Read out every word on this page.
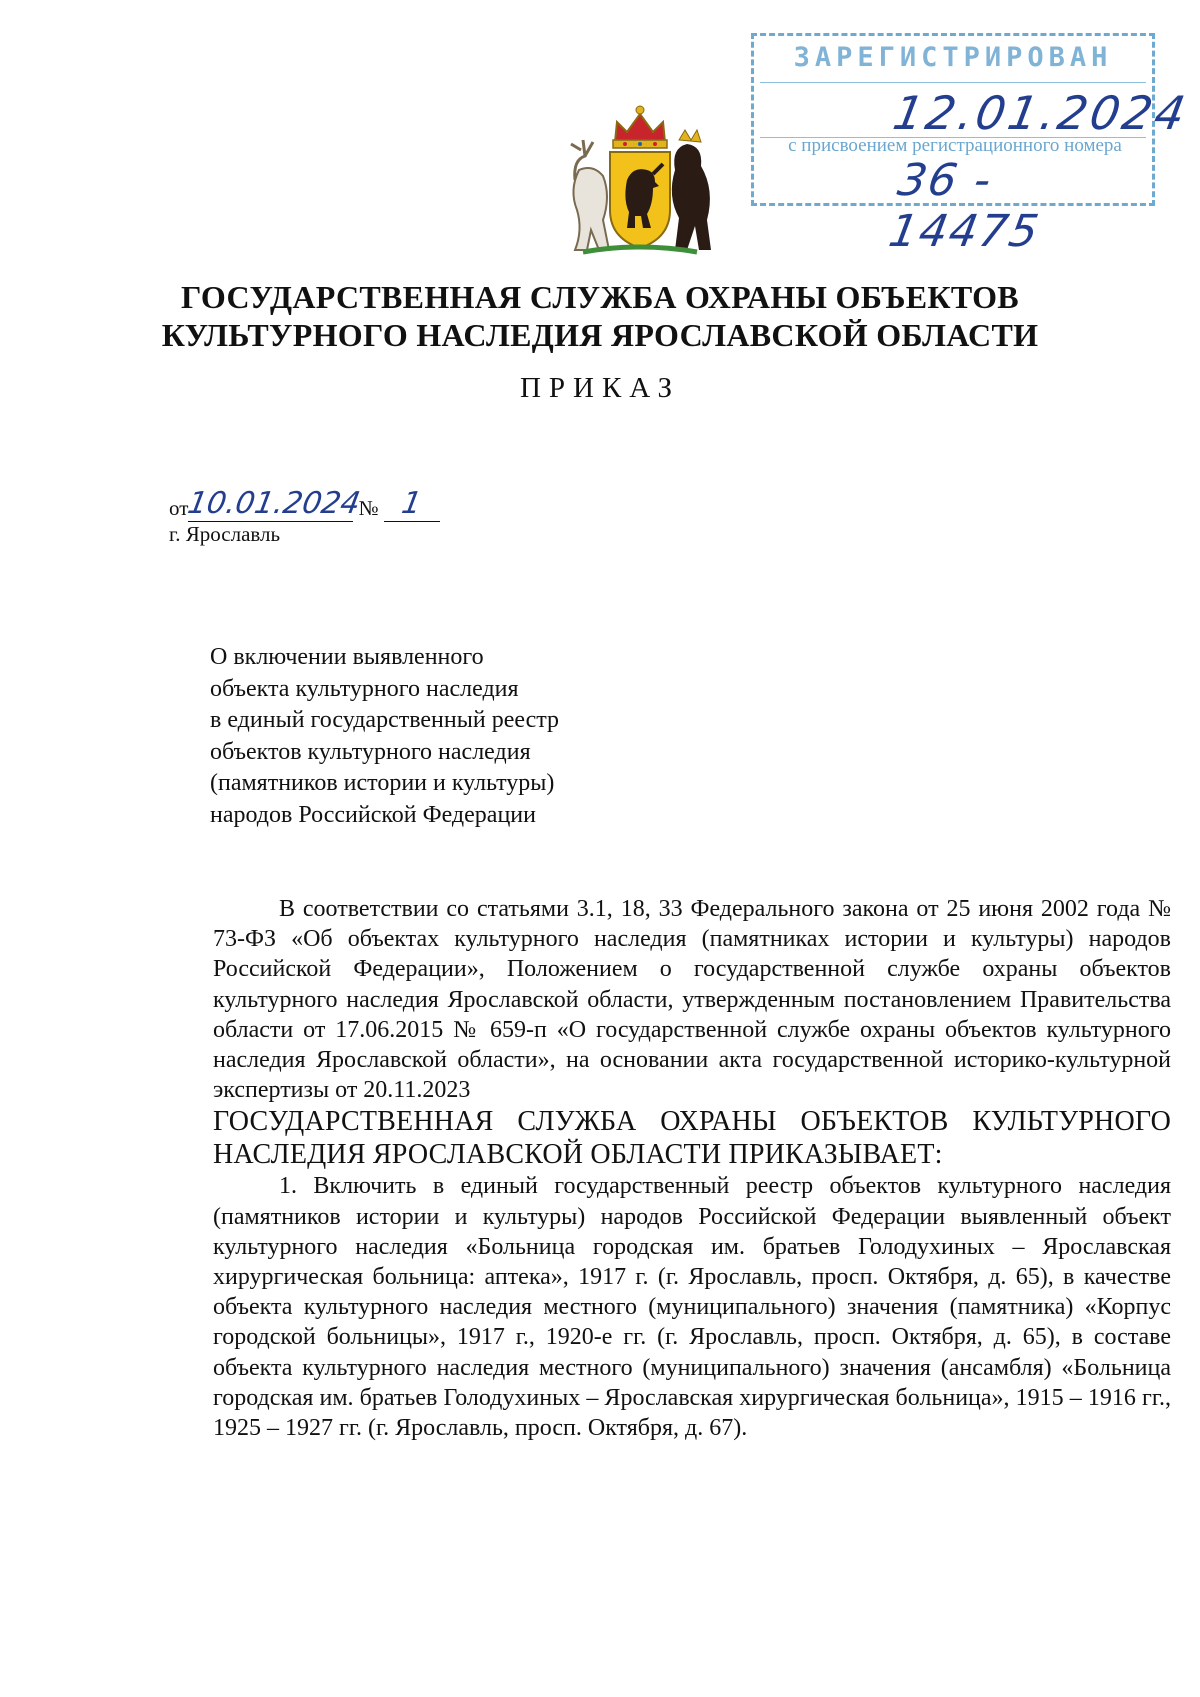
ЗАРЕГИСТРИРОВАН
12.01.2024
с присвоением регистрационного номера
36 - 14475
ГОСУДАРСТВЕННАЯ СЛУЖБА ОХРАНЫ ОБЪЕКТОВ
КУЛЬТУРНОГО НАСЛЕДИЯ ЯРОСЛАВСКОЙ ОБЛАСТИ
ПРИКАЗ
от10.01.2024 № 1
г. Ярославль
О включении выявленного
объекта культурного наследия
в единый государственный реестр
объектов культурного наследия
(памятников истории и культуры)
народов Российской Федерации

В соответствии со статьями 3.1, 18, 33 Федерального закона от 25 июня 2002 года № 73-ФЗ «Об объектах культурного наследия (памятниках истории и культуры) народов Российской Федерации», Положением о государственной службе охраны объектов культурного наследия Ярославской области, утвержденным постановлением Правительства области от 17.06.2015 № 659-п «О государственной службе охраны объектов культурного наследия Ярославской области», на основании акта государственной историко-культурной экспертизы от 20.11.2023

ГОСУДАРСТВЕННАЯ СЛУЖБА ОХРАНЫ ОБЪЕКТОВ КУЛЬТУРНОГО НАСЛЕДИЯ ЯРОСЛАВСКОЙ ОБЛАСТИ ПРИКАЗЫВАЕТ:

1. Включить в единый государственный реестр объектов культурного наследия (памятников истории и культуры) народов Российской Федерации выявленный объект культурного наследия «Больница городская им. братьев Голодухиных – Ярославская хирургическая больница: аптека», 1917 г. (г. Ярославль, просп. Октября, д. 65), в качестве объекта культурного наследия местного (муниципального) значения (памятника) «Корпус городской больницы», 1917 г., 1920-е гг. (г. Ярославль, просп. Октября, д. 65), в составе объекта культурного наследия местного (муниципального) значения (ансамбля) «Больница городская им. братьев Голодухиных – Ярославская хирургическая больница», 1915 – 1916 гг., 1925 – 1927 гг. (г. Ярославль, просп. Октября, д. 67).
